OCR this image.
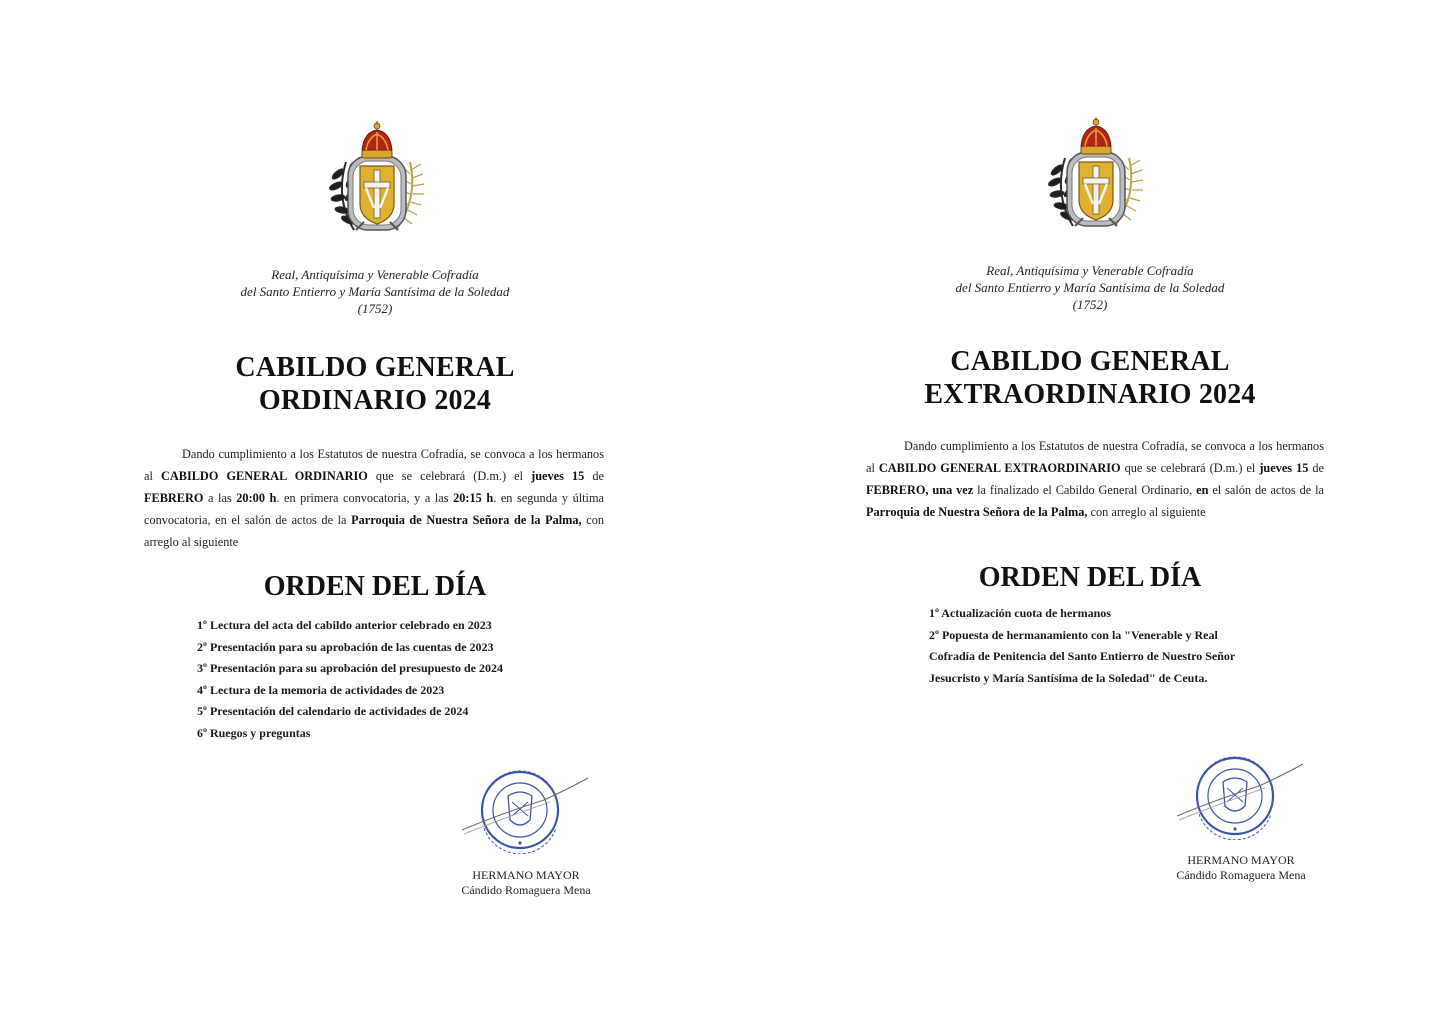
Real, Antiquísima y Venerable Cofradía
del Santo Entierro y María Santísima de la Soledad
(1752)
CABILDO GENERAL
ORDINARIO 2024

Dando cumplimiento a los Estatutos de nuestra Cofradía, se convoca a los hermanos al CABILDO GENERAL ORDINARIO que se celebrará (D.m.) el jueves 15 de FEBRERO a las 20:00 h. en primera convocatoria, y a las 20:15 h. en segunda y última convocatoria, en el salón de actos de la Parroquia de Nuestra Señora de la Palma, con arreglo al siguiente

ORDEN DEL DÍA
1º Lectura del acta del cabildo anterior celebrado en 2023
2º Presentación para su aprobación de las cuentas de 2023
3º Presentación para su aprobación del presupuesto de 2024
4º Lectura de la memoria de actividades de 2023
5º Presentación del calendario de actividades de 2024
6º Ruegos y preguntas
HERMANO MAYOR
Cándido Romaguera Mena
Real, Antiquísima y Venerable Cofradía
del Santo Entierro y María Santísima de la Soledad
(1752)
CABILDO GENERAL
EXTRAORDINARIO 2024

Dando cumplimiento a los Estatutos de nuestra Cofradía, se convoca a los hermanos al CABILDO GENERAL EXTRAORDINARIO que se celebrará (D.m.) el jueves 15 de FEBRERO, una vez la finalizado el Cabildo General Ordinario, en el salón de actos de la Parroquia de Nuestra Señora de la Palma, con arreglo al siguiente

ORDEN DEL DÍA
1º Actualización cuota de hermanos
2º Popuesta de hermanamiento con la "Venerable y Real Cofradía de Penitencia del Santo Entierro de Nuestro Señor Jesucristo y María Santísima de la Soledad" de Ceuta.
HERMANO MAYOR
Cándido Romaguera Mena
